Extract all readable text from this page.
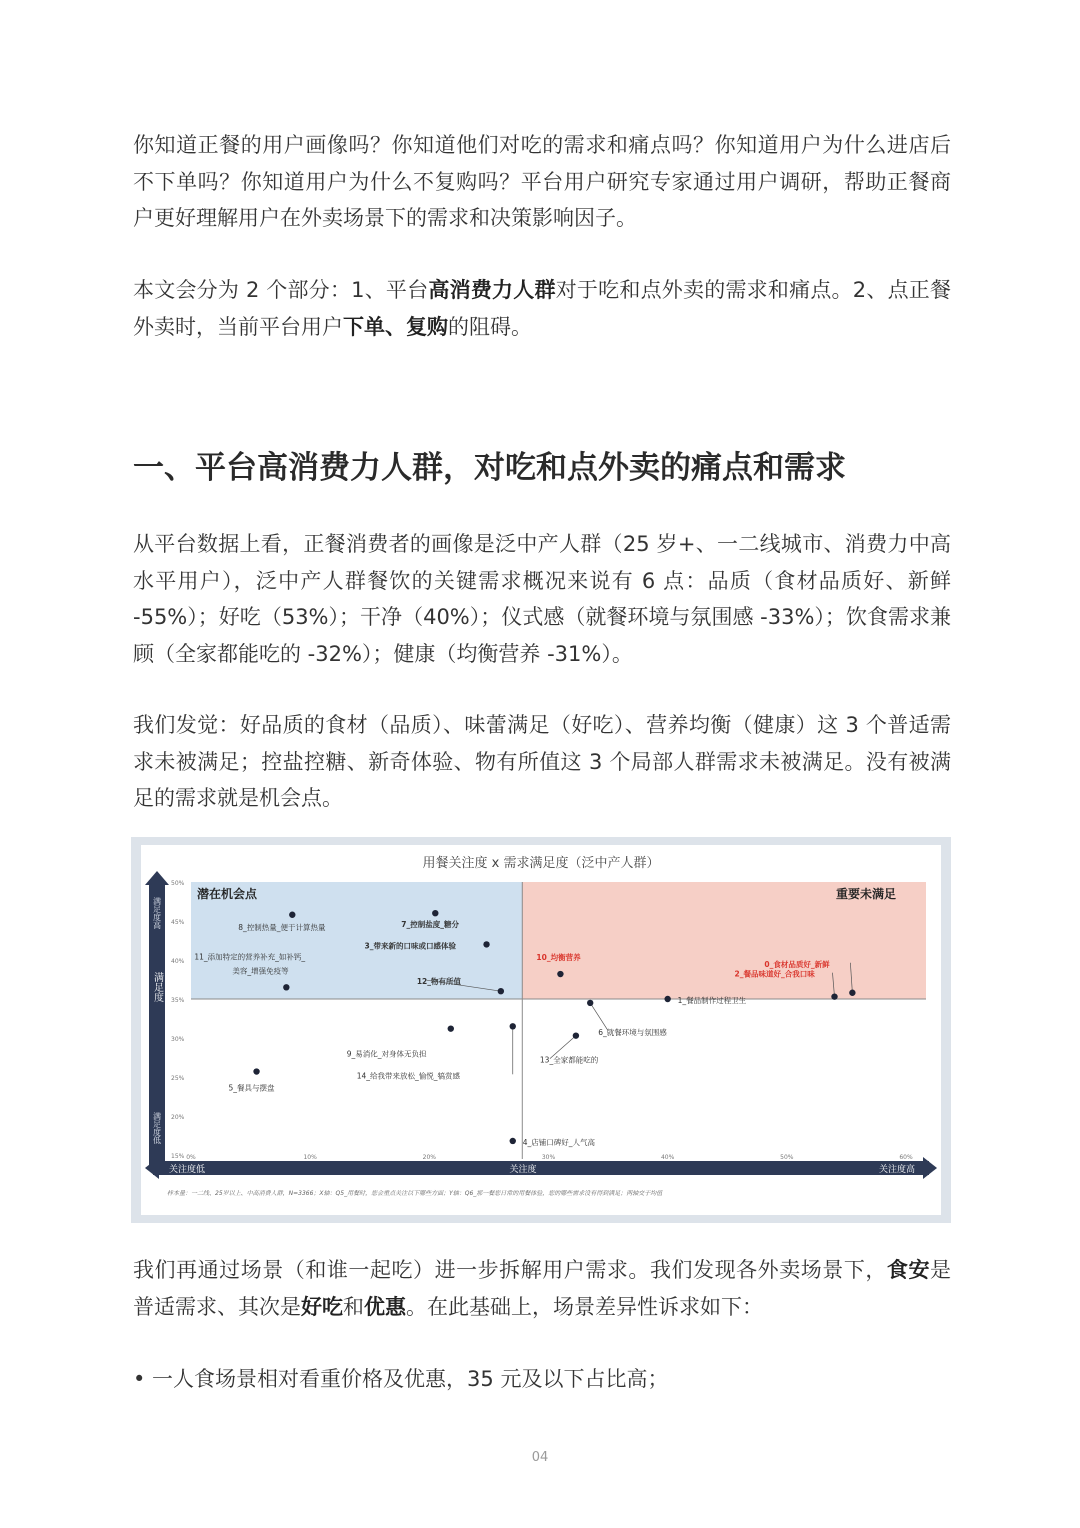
你知道正餐的用户画像吗？你知道他们对吃的需求和痛点吗？你知道用户为什么进店后不下单吗？你知道用户为什么不复购吗？平台用户研究专家通过用户调研，帮助正餐商户更好理解用户在外卖场景下的需求和决策影响因子。

本文会分为 2 个部分：1、平台高消费力人群对于吃和点外卖的需求和痛点。2、点正餐外卖时，当前平台用户下单、复购的阻碍。

一、平台高消费力人群，对吃和点外卖的痛点和需求

从平台数据上看，正餐消费者的画像是泛中产人群（25 岁+、一二线城市、消费力中高水平用户），泛中产人群餐饮的关键需求概况来说有 6 点：品质（食材品质好、新鲜 -55%）；好吃（53%）；干净（40%）；仪式感（就餐环境与氛围感 -33%）；饮食需求兼顾（全家都能吃的 -32%）；健康（均衡营养 -31%）。

我们发觉：好品质的食材（品质）、味蕾满足（好吃）、营养均衡（健康）这 3 个普适需求未被满足；控盐控糖、新奇体验、物有所值这 3 个局部人群需求未被满足。没有被满足的需求就是机会点。

用餐关注度 x 需求满足度（泛中产人群）
潜在机会点	重要未满足
满足度
满足度高
满足度低
关注度低	关注度	关注度高
15%
20%
25%
30%
35%
40%
45%
50%
0%	10%	20%	30%	40%	50%	60%
0_食材品质好_新鲜
1_餐品制作过程卫生
2_餐品味道好_合我口味
3_带来新的口味或口感体验
4_店铺口碑好_人气高
5_餐具与摆盘
6_就餐环境与氛围感
7_控制盐度_糖分
8_控制热量_便于计算热量
9_易消化_对身体无负担
10_均衡营养
11_添加特定的营养补充_如补钙_
美容_增强免疫等
12_物有所值
13_全家都能吃的
14_给我带来放松_愉悦_犒赏感
样本量：一二线、25岁以上、中高消费人群，N=3366；X轴：Q5_用餐时，您会重点关注以下哪些方面；Y轴：Q6_那一餐您日常的用餐体验，您的哪些需求没有得到满足；两轴交于均值

我们再通过场景（和谁一起吃）进一步拆解用户需求。我们发现各外卖场景下，食安是普适需求、其次是好吃和优惠。在此基础上，场景差异性诉求如下：

• 一人食场景相对看重价格及优惠，35 元及以下占比高；

04
